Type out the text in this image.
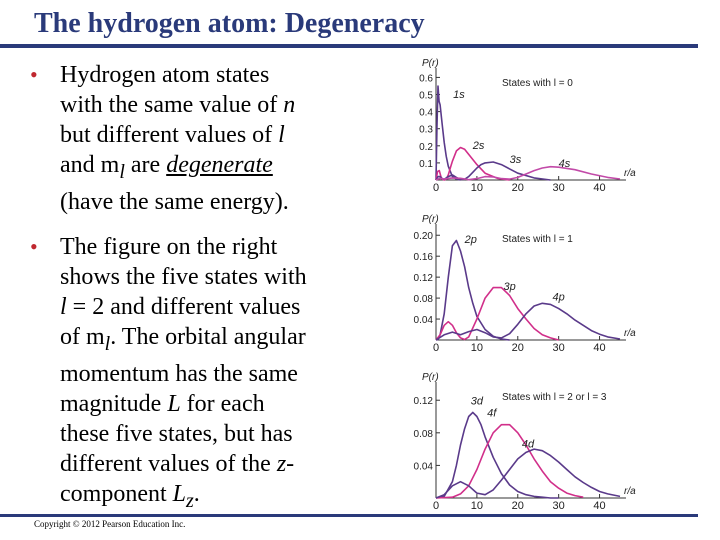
The hydrogen atom: Degeneracy
• Hydrogen atom states
with the same value of n
but different values of l
and $m_l$ are degenerate
(have the same energy).
• The figure on the right
shows the five states with
l = 2 and different values
of $m_l$. The orbital angular
momentum has the same
magnitude L for each
these five states, but has
different values of the z-
component $L_z$.
P(r)
r/a
0.1
0.2
0.3
0.4
0.5
0.6
0	10	20	30	40
States with l = 0
1s
2s
3s	4s
P(r)
r/a
0.04
0.08
0.12
0.16
0.20
0	10	20	30	40
States with l = 1
2p
3p
4p
P(r)
r/a
0.04
0.08
0.12
0	10	20	30	40
States with l = 2 or l = 3
3d
4f
4d
Copyright © 2012 Pearson Education Inc.
